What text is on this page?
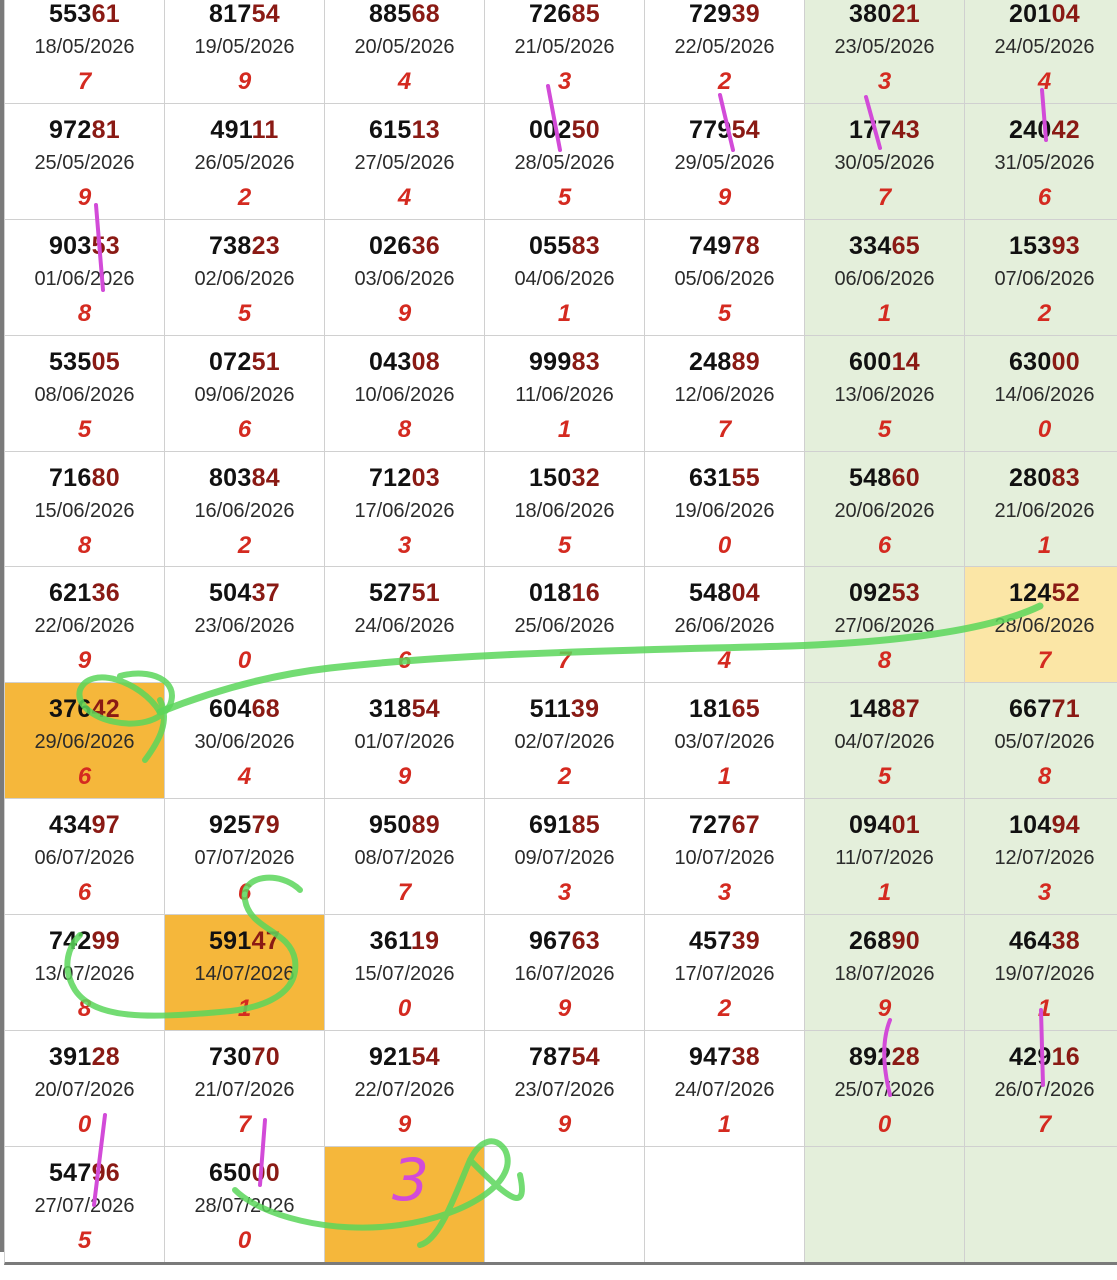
55361
18/05/2026
7
81754
19/05/2026
9
88568
20/05/2026
4
72685
21/05/2026
3
72939
22/05/2026
2
38021
23/05/2026
3
20104
24/05/2026
4
97281
25/05/2026
9
49111
26/05/2026
2
61513
27/05/2026
4
00250
28/05/2026
5
77954
29/05/2026
9
17743
30/05/2026
7
24042
31/05/2026
6
90353
01/06/2026
8
73823
02/06/2026
5
02636
03/06/2026
9
05583
04/06/2026
1
74978
05/06/2026
5
33465
06/06/2026
1
15393
07/06/2026
2
53505
08/06/2026
5
07251
09/06/2026
6
04308
10/06/2026
8
99983
11/06/2026
1
24889
12/06/2026
7
60014
13/06/2026
5
63000
14/06/2026
0
71680
15/06/2026
8
80384
16/06/2026
2
71203
17/06/2026
3
15032
18/06/2026
5
63155
19/06/2026
0
54860
20/06/2026
6
28083
21/06/2026
1
62136
22/06/2026
9
50437
23/06/2026
0
52751
24/06/2026
6
01816
25/06/2026
7
54804
26/06/2026
4
09253
27/06/2026
8
12452
28/06/2026
7
37642
29/06/2026
6
60468
30/06/2026
4
31854
01/07/2026
9
51139
02/07/2026
2
18165
03/07/2026
1
14887
04/07/2026
5
66771
05/07/2026
8
43497
06/07/2026
6
92579
07/07/2026
6
95089
08/07/2026
7
69185
09/07/2026
3
72767
10/07/2026
3
09401
11/07/2026
1
10494
12/07/2026
3
74299
13/07/2026
8
59147
14/07/2026
1
36119
15/07/2026
0
96763
16/07/2026
9
45739
17/07/2026
2
26890
18/07/2026
9
46438
19/07/2026
1
39128
20/07/2026
0
73070
21/07/2026
7
92154
22/07/2026
9
78754
23/07/2026
9
94738
24/07/2026
1
89228
25/07/2026
0
42916
26/07/2026
7
54796
27/07/2026
5
65000
28/07/2026
0
3
